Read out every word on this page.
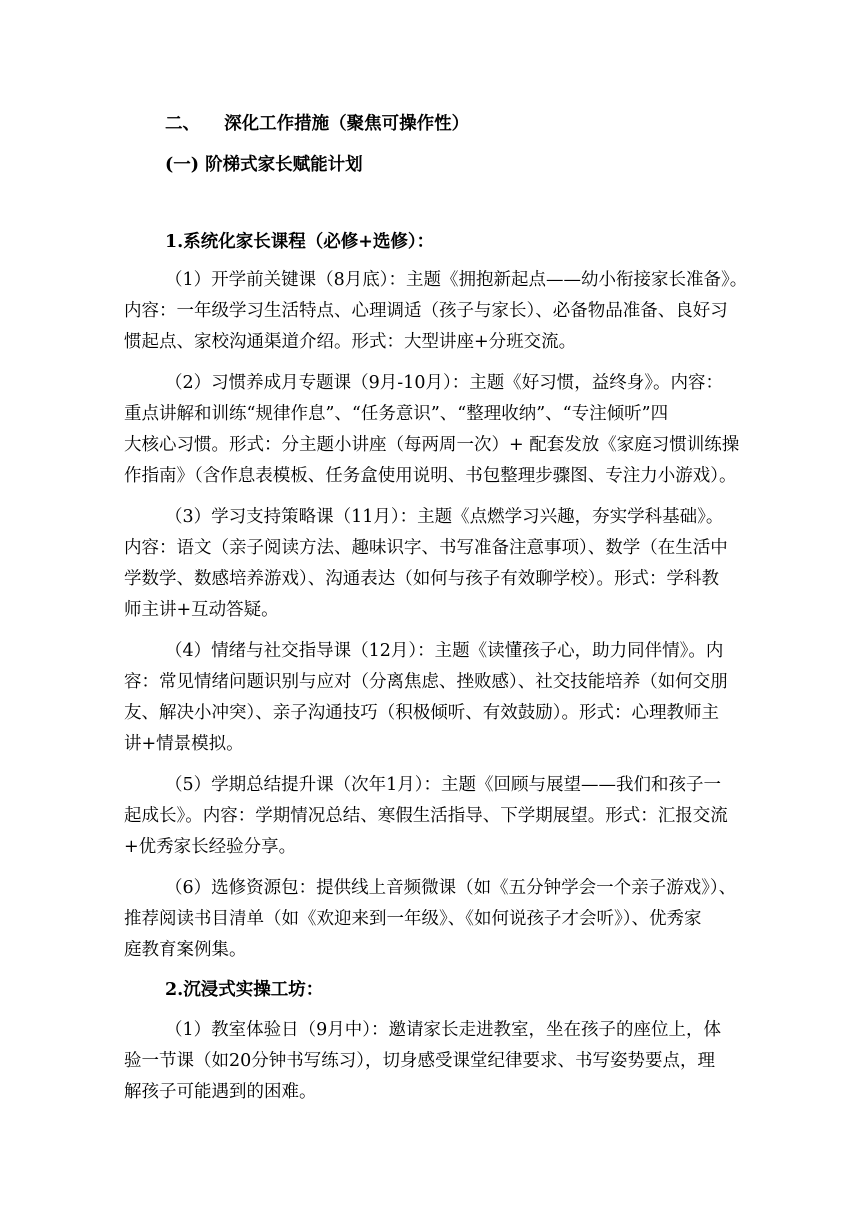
二、 深化工作措施（聚焦可操作性）
(一) 阶梯式家长赋能计划
1.系统化家长课程（必修+选修）：
（1）开学前关键课（8月底）：主题《拥抱新起点——幼小衔接家长准备》。
内容：一年级学习生活特点、心理调适（孩子与家长）、必备物品准备、良好习
惯起点、家校沟通渠道介绍。形式：大型讲座+分班交流。
（2）习惯养成月专题课（9月-10月）：主题《好习惯，益终身》。内容：
重点讲解和训练“规律作息”、“任务意识”、“整理收纳”、“专注倾听”四
大核心习惯。形式：分主题小讲座（每两周一次）+ 配套发放《家庭习惯训练操
作指南》（含作息表模板、任务盒使用说明、书包整理步骤图、专注力小游戏）。
（3）学习支持策略课（11月）：主题《点燃学习兴趣，夯实学科基础》。
内容：语文（亲子阅读方法、趣味识字、书写准备注意事项）、数学（在生活中
学数学、数感培养游戏）、沟通表达（如何与孩子有效聊学校）。形式：学科教
师主讲+互动答疑。
（4）情绪与社交指导课（12月）：主题《读懂孩子心，助力同伴情》。内
容：常见情绪问题识别与应对（分离焦虑、挫败感）、社交技能培养（如何交朋
友、解决小冲突）、亲子沟通技巧（积极倾听、有效鼓励）。形式：心理教师主
讲+情景模拟。
（5）学期总结提升课（次年1月）：主题《回顾与展望——我们和孩子一
起成长》。内容：学期情况总结、寒假生活指导、下学期展望。形式：汇报交流
+优秀家长经验分享。
（6）选修资源包：提供线上音频微课（如《五分钟学会一个亲子游戏》）、
推荐阅读书目清单（如《欢迎来到一年级》、《如何说孩子才会听》）、优秀家
庭教育案例集。
2.沉浸式实操工坊：
（1）教室体验日（9月中）：邀请家长走进教室，坐在孩子的座位上，体
验一节课（如20分钟书写练习），切身感受课堂纪律要求、书写姿势要点，理
解孩子可能遇到的困难。
